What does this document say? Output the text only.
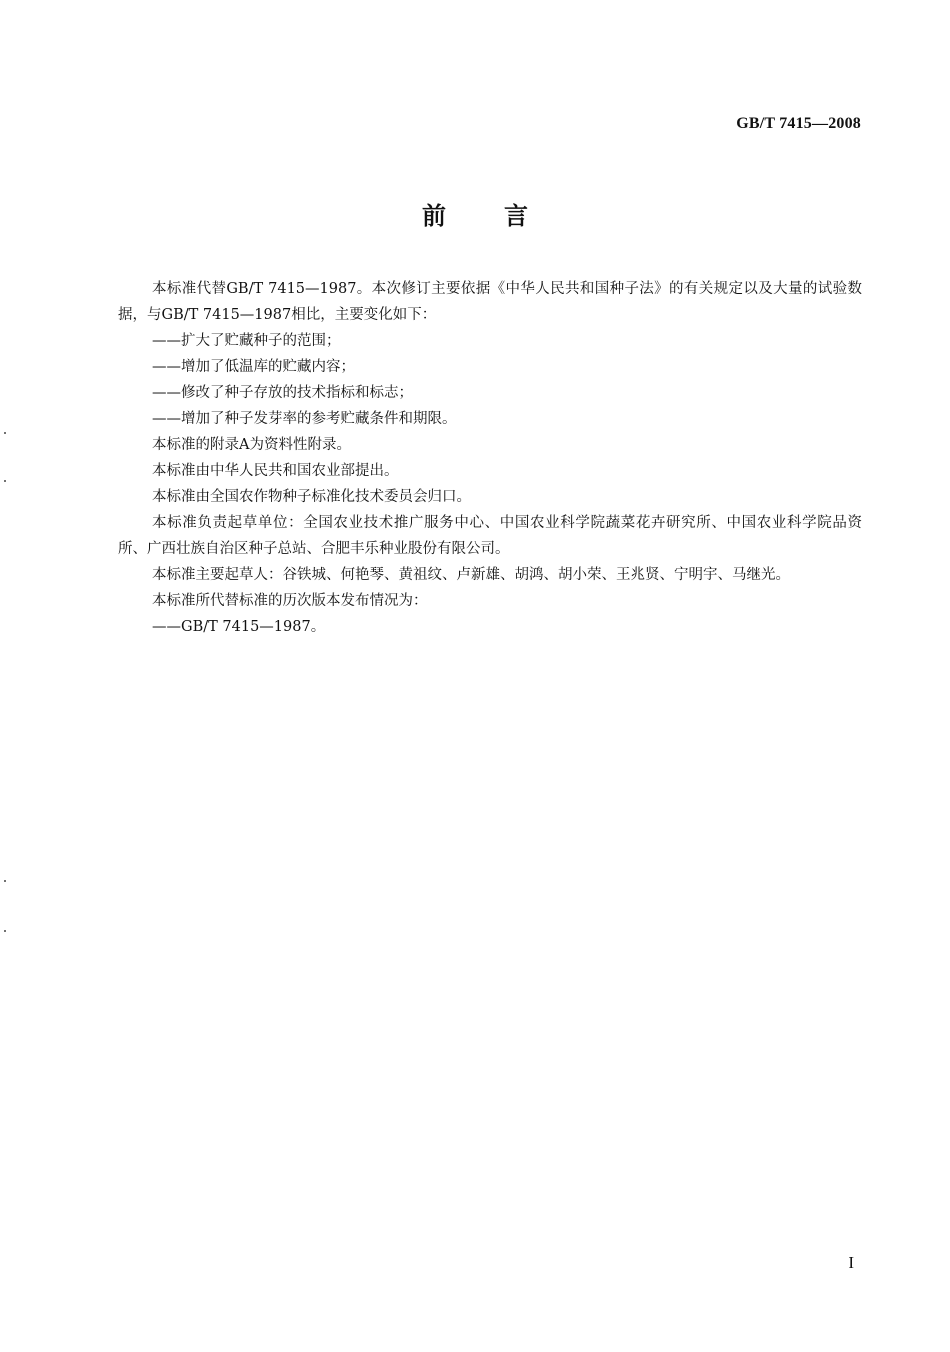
GB/T 7415—2008
前言

本标准代替GB/T 7415—1987。本次修订主要依据《中华人民共和国种子法》的有关规定以及大量的试验数据，与GB/T 7415—1987相比，主要变化如下：

——扩大了贮藏种子的范围；

——增加了低温库的贮藏内容；

——修改了种子存放的技术指标和标志；

——增加了种子发芽率的参考贮藏条件和期限。

本标准的附录A为资料性附录。

本标准由中华人民共和国农业部提出。

本标准由全国农作物种子标准化技术委员会归口。

本标准负责起草单位：全国农业技术推广服务中心、中国农业科学院蔬菜花卉研究所、中国农业科学院品资所、广西壮族自治区种子总站、合肥丰乐种业股份有限公司。

本标准主要起草人：谷铁城、何艳琴、黄祖纹、卢新雄、胡鸿、胡小荣、王兆贤、宁明宇、马继光。

本标准所代替标准的历次版本发布情况为：

——GB/T 7415—1987。

I
